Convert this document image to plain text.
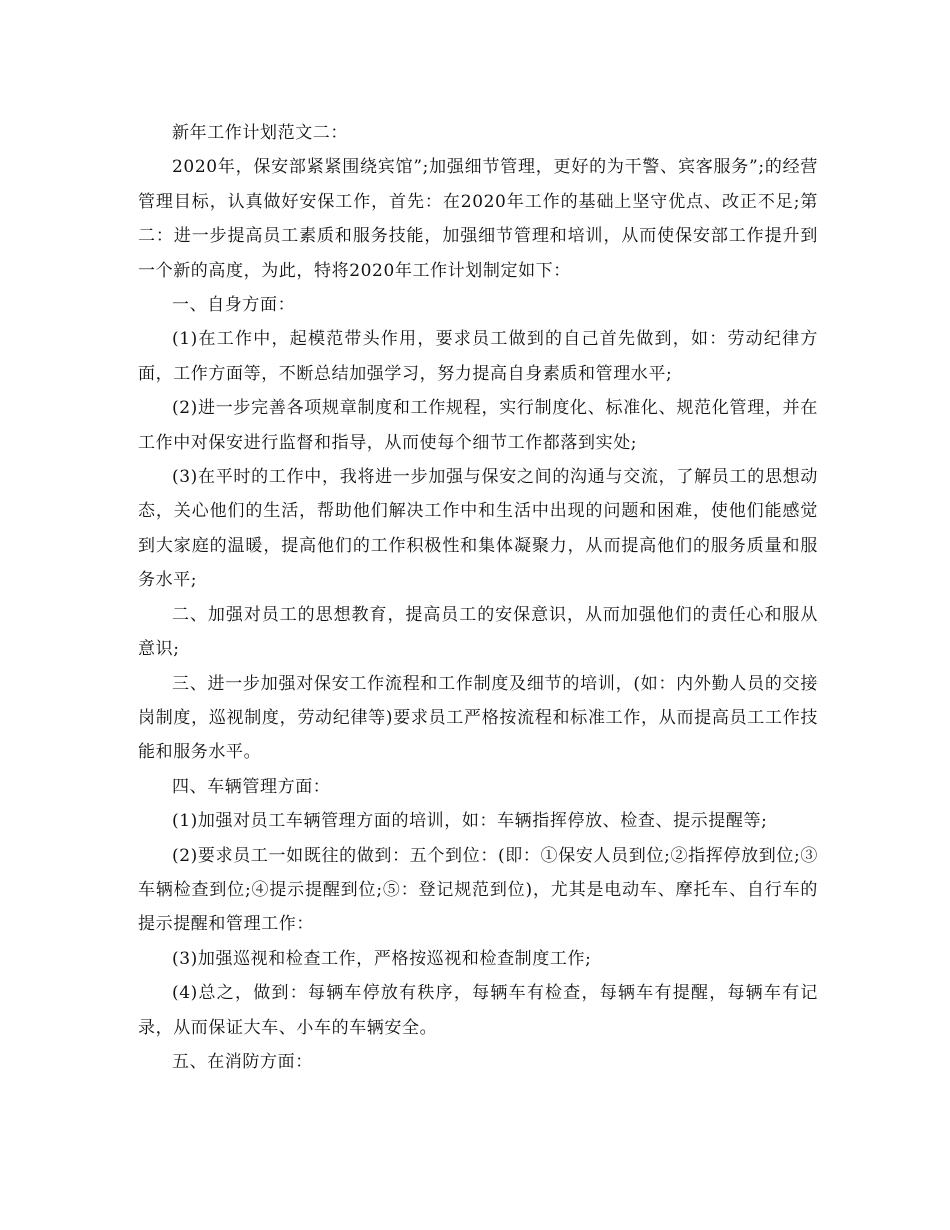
新年工作计划范文二：

2020年，保安部紧紧围绕宾馆”;加强细节管理，更好的为干警、宾客服务”;的经营管理目标，认真做好安保工作，首先：在2020年工作的基础上坚守优点、改正不足;第二：进一步提高员工素质和服务技能，加强细节管理和培训，从而使保安部工作提升到一个新的高度，为此，特将2020年工作计划制定如下：

一、自身方面：

(1)在工作中，起模范带头作用，要求员工做到的自己首先做到，如：劳动纪律方面，工作方面等，不断总结加强学习，努力提高自身素质和管理水平;

(2)进一步完善各项规章制度和工作规程，实行制度化、标准化、规范化管理，并在工作中对保安进行监督和指导，从而使每个细节工作都落到实处;

(3)在平时的工作中，我将进一步加强与保安之间的沟通与交流，了解员工的思想动态，关心他们的生活，帮助他们解决工作中和生活中出现的问题和困难，使他们能感觉到大家庭的温暖，提高他们的工作积极性和集体凝聚力，从而提高他们的服务质量和服务水平;

二、加强对员工的思想教育，提高员工的安保意识，从而加强他们的责任心和服从意识;

三、进一步加强对保安工作流程和工作制度及细节的培训，(如：内外勤人员的交接岗制度，巡视制度，劳动纪律等)要求员工严格按流程和标准工作，从而提高员工工作技能和服务水平。

四、车辆管理方面：

(1)加强对员工车辆管理方面的培训，如：车辆指挥停放、检查、提示提醒等;

(2)要求员工一如既往的做到：五个到位：(即：①保安人员到位;②指挥停放到位;③车辆检查到位;④提示提醒到位;⑤：登记规范到位)，尤其是电动车、摩托车、自行车的提示提醒和管理工作：

(3)加强巡视和检查工作，严格按巡视和检查制度工作;

(4)总之，做到：每辆车停放有秩序，每辆车有检查，每辆车有提醒，每辆车有记录，从而保证大车、小车的车辆安全。

五、在消防方面：
